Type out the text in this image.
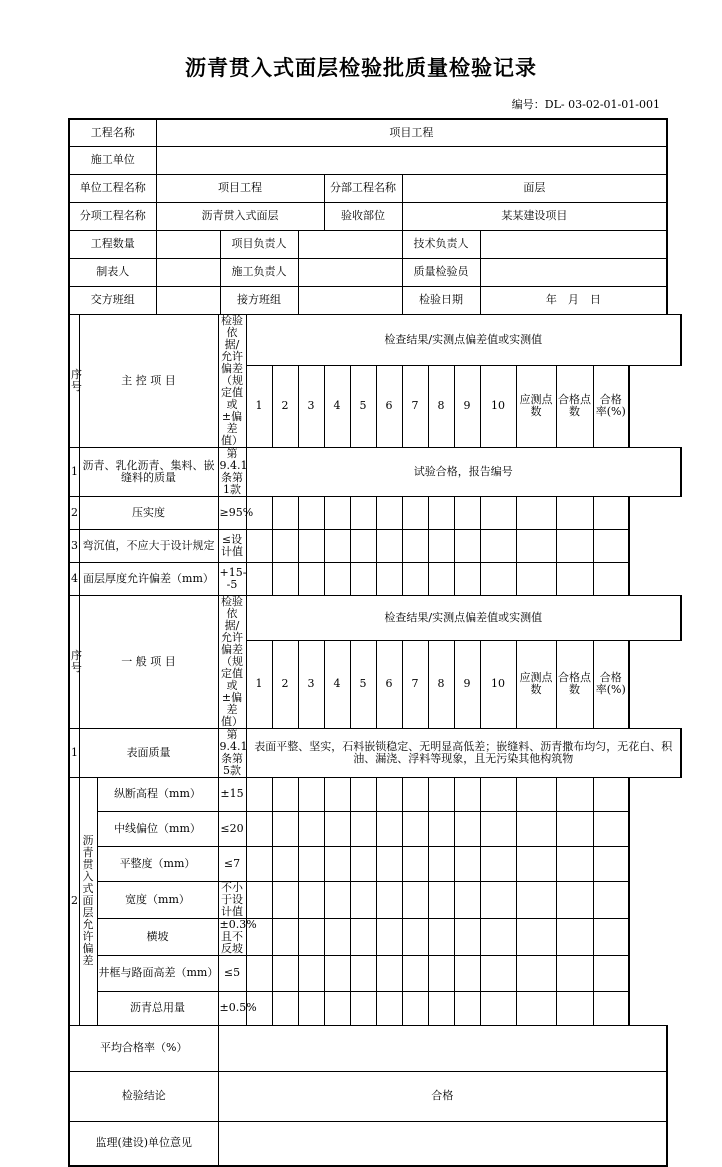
沥青贯入式面层检验批质量检验记录
编号：DL- 03-02-01-01-001
工程名称			项目工程															
施工单位																		
单位工程名称			项目工程						分部工程名称			面层						
分项工程名称			沥青贯入式面层						验收部位			某某建设项目						
工程数量					项目负责人							技术负责人						
制表人					施工负责人							质量检验员						
交方班组					接方班组							检验日期			年　月　日			
序号	主 控 项 目			检验依据/允许偏差（规定值或±偏差值）		检查结果/实测点偏差值或实测值												
						1	2	3	4	5	6	7	8	9	10	应测点数	合格点数	合格率(%)
1	沥青、乳化沥青、集料、嵌缝料的质量			第9.4.1条第1款		试验合格，报告编号												
2	压实度			≥95%														
3	弯沉值，不应大于设计规定			≤设计值														
4	面层厚度允许偏差（mm）			+15--5														
序号	一 般 项 目			检验依据/允许偏差（规定值或±偏差值）		检查结果/实测点偏差值或实测值												
						1	2	3	4	5	6	7	8	9	10	应测点数	合格点数	合格率(%)
1	表面质量			第9.4.1条第5款		表面平整、坚实，石料嵌锁稳定、无明显高低差；嵌缝料、沥青撒布均匀，无花白、积油、漏浇、浮料等现象，且无污染其他构筑物												
2	沥青贯入式面层允许偏差	纵断高程（mm）		±15														
		中线偏位（mm）		≤20														
		平整度（mm）		≤7														
		宽度（mm）		不小于设计值														
		横坡		±0.3%且不反坡														
		井框与路面高差（mm）		≤5														
		沥青总用量		±0.5%														
平均合格率（%）																		
检验结论				合格														
监理(建设)单位意见																		
